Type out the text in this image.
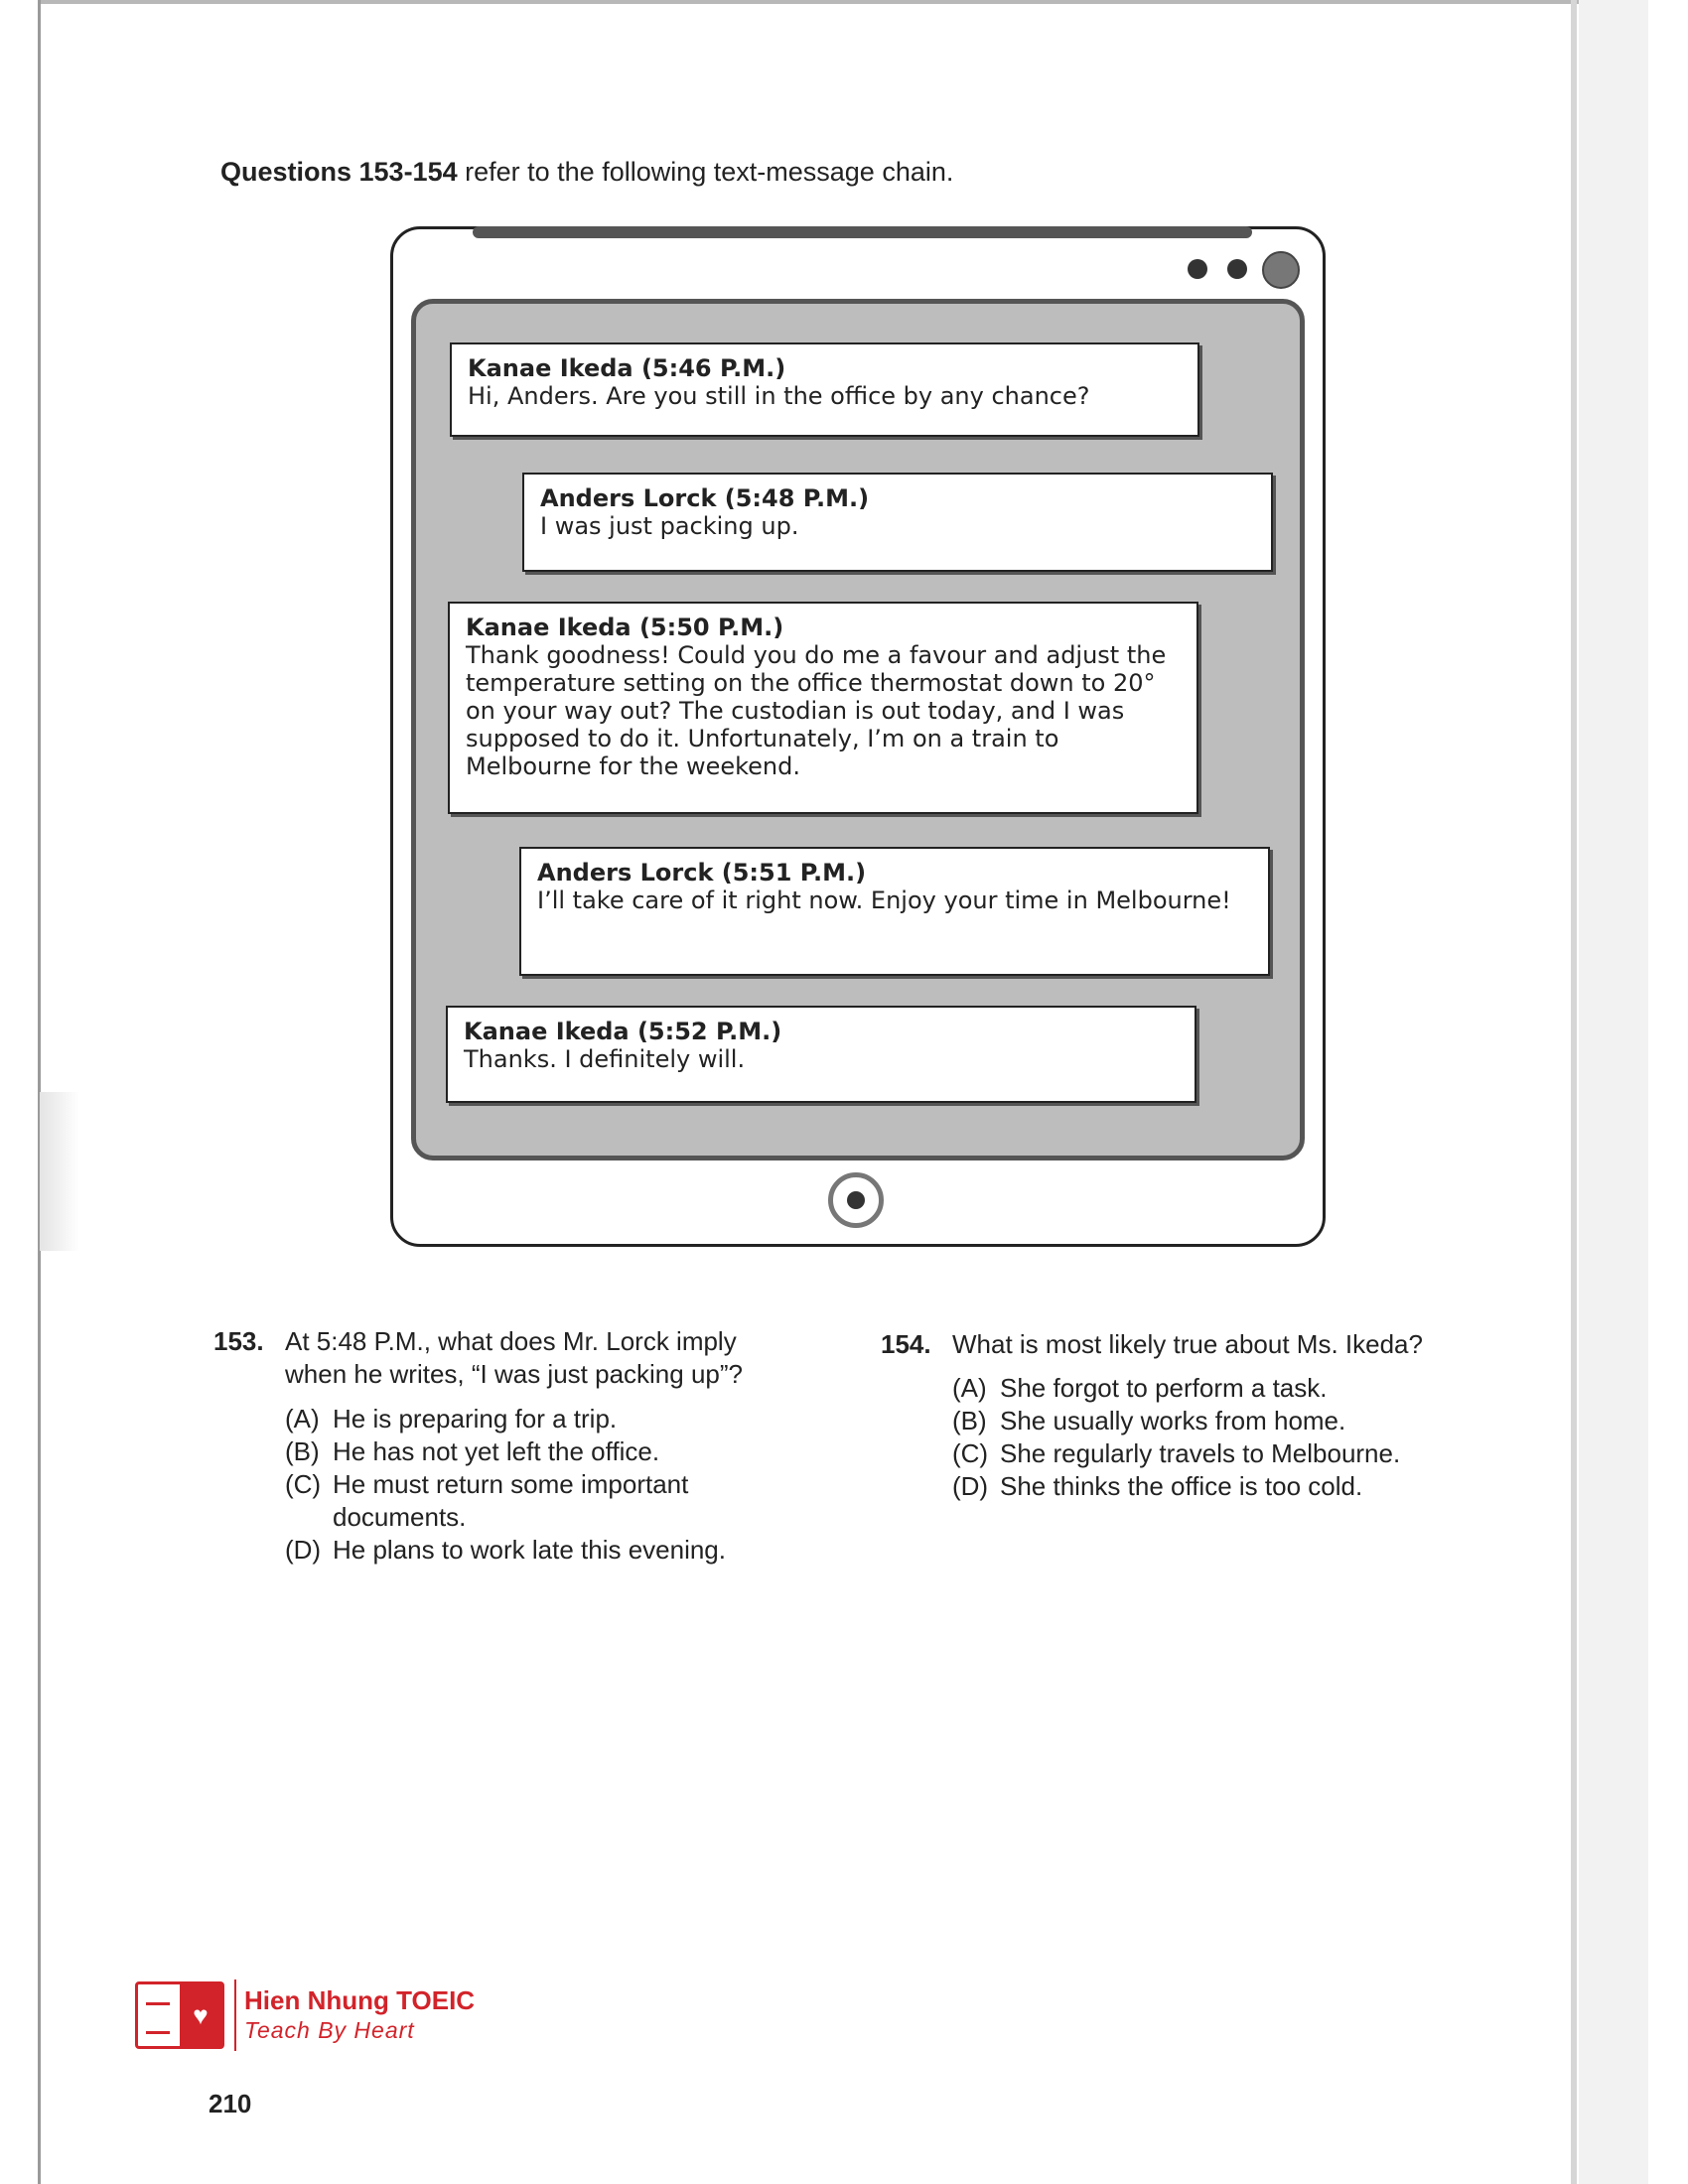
Questions 153-154 refer to the following text-message chain.
Kanae Ikeda (5:46 P.M.)
Hi, Anders. Are you still in the office by any chance?
Anders Lorck (5:48 P.M.)
I was just packing up.
Kanae Ikeda (5:50 P.M.)
Thank goodness! Could you do me a favour and adjust the temperature setting on the office thermostat down to 20° on your way out? The custodian is out today, and I was supposed to do it. Unfortunately, I’m on a train to Melbourne for the weekend.
Anders Lorck (5:51 P.M.)
I’ll take care of it right now. Enjoy your time in Melbourne!
Kanae Ikeda (5:52 P.M.)
Thanks. I definitely will.
153. At 5:48 P.M., what does Mr. Lorck imply when he writes, “I was just packing up”?
(A) He is preparing for a trip.
(B) He has not yet left the office.
(C) He must return some important documents.
(D) He plans to work late this evening.
154. What is most likely true about Ms. Ikeda?
(A) She forgot to perform a task.
(B) She usually works from home.
(C) She regularly travels to Melbourne.
(D) She thinks the office is too cold.
♥	Hien Nhung TOEIC
Teach By Heart
210
